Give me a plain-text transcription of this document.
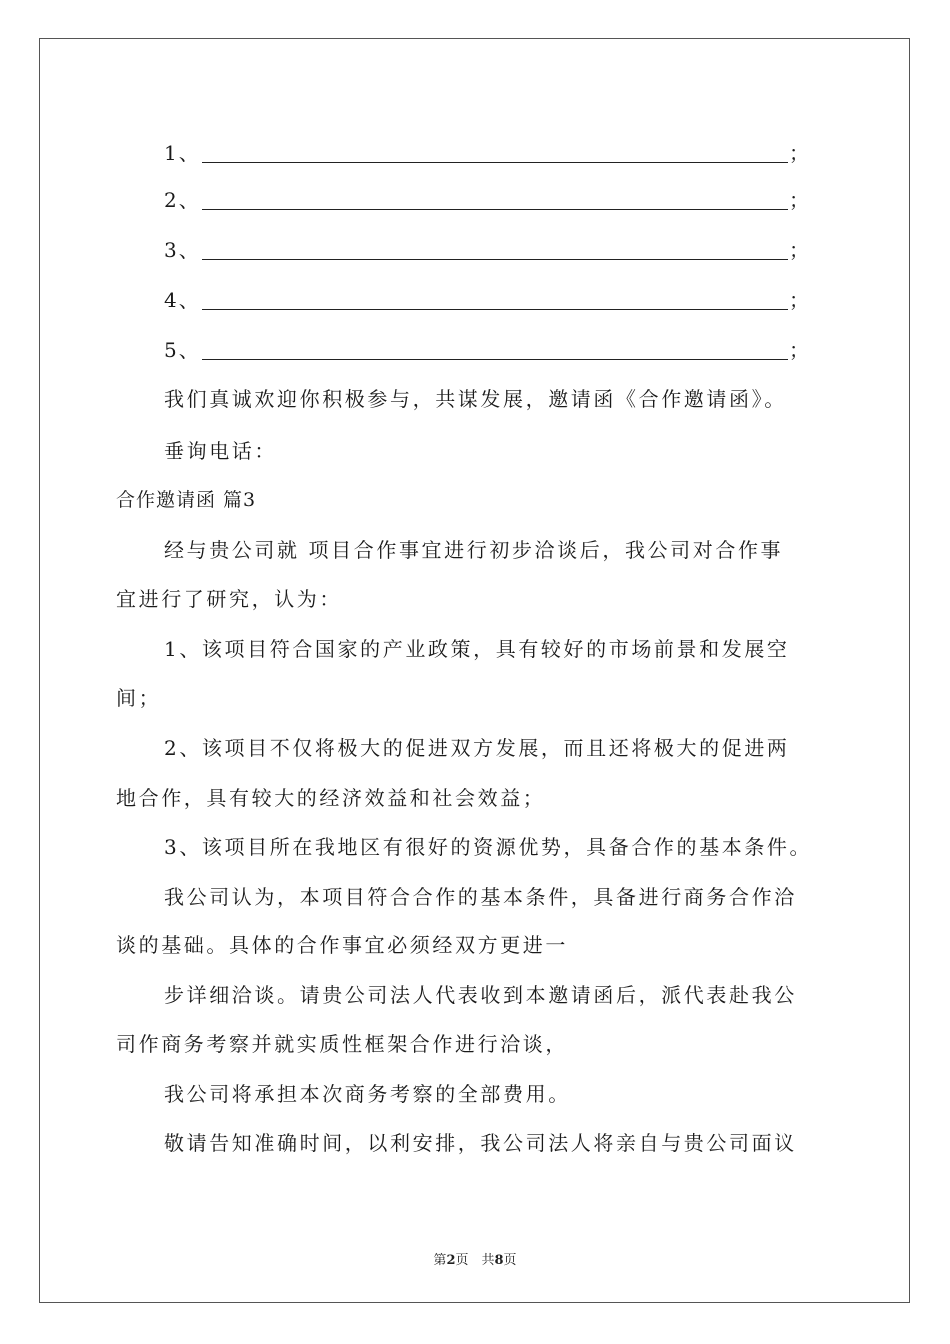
1、	；
2、	；
3、	；
4、	；
5、	；
我们真诚欢迎你积极参与，共谋发展，邀请函《合作邀请函》。
垂询电话：
合作邀请函 篇3
经与贵公司就 项目合作事宜进行初步洽谈后，我公司对合作事
宜进行了研究，认为：
1、该项目符合国家的产业政策，具有较好的市场前景和发展空
间；
2、该项目不仅将极大的促进双方发展，而且还将极大的促进两
地合作，具有较大的经济效益和社会效益；
3、该项目所在我地区有很好的资源优势，具备合作的基本条件。
我公司认为，本项目符合合作的基本条件，具备进行商务合作洽
谈的基础。具体的合作事宜必须经双方更进一
步详细洽谈。请贵公司法人代表收到本邀请函后，派代表赴我公
司作商务考察并就实质性框架合作进行洽谈，
我公司将承担本次商务考察的全部费用。
敬请告知准确时间，以利安排，我公司法人将亲自与贵公司面议
第2页　共8页
